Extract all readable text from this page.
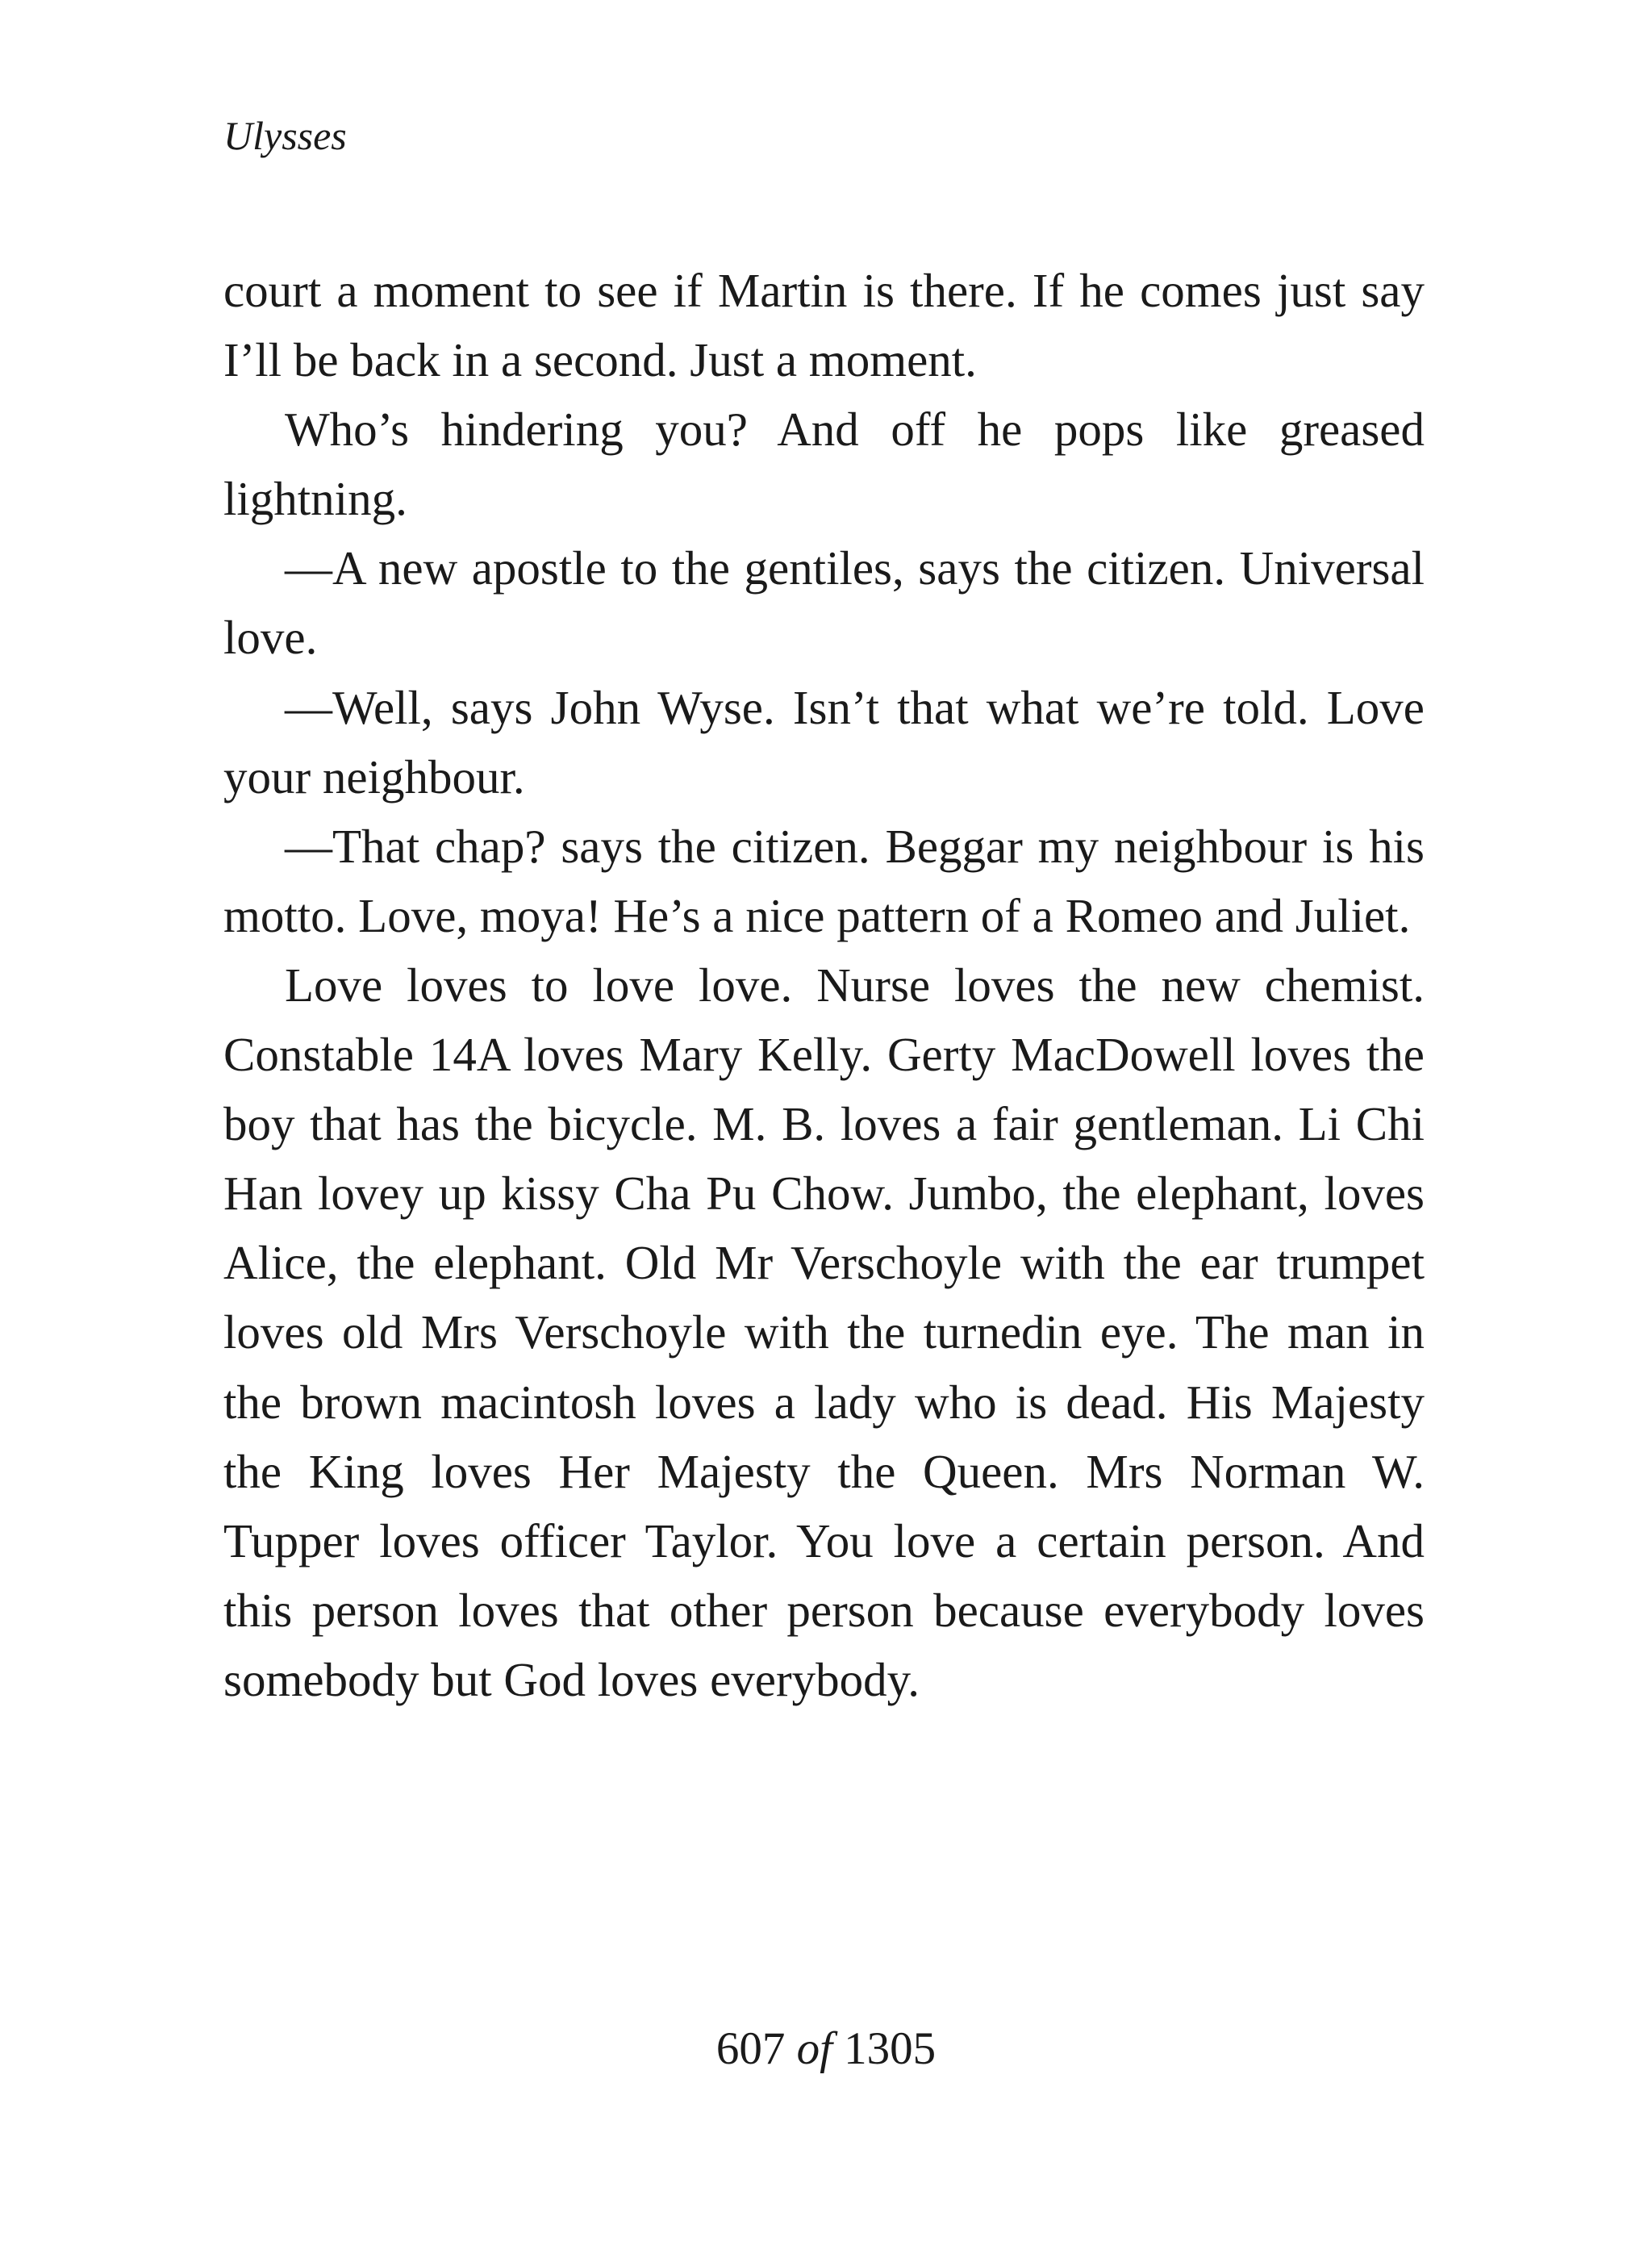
Ulysses

court a moment to see if Martin is there. If he comes just say I’ll be back in a second. Just a moment.

Who’s hindering you? And off he pops like greased lightning.

—A new apostle to the gentiles, says the citizen. Universal love.

—Well, says John Wyse. Isn’t that what we’re told. Love your neighbour.

—That chap? says the citizen. Beggar my neighbour is his motto. Love, moya! He’s a nice pattern of a Romeo and Juliet.

Love loves to love love. Nurse loves the new chemist. Constable 14A loves Mary Kelly. Gerty MacDowell loves the boy that has the bicycle. M. B. loves a fair gentleman. Li Chi Han lovey up kissy Cha Pu Chow. Jumbo, the elephant, loves Alice, the elephant. Old Mr Verschoyle with the ear trumpet loves old Mrs Verschoyle with the turnedin eye. The man in the brown macintosh loves a lady who is dead. His Majesty the King loves Her Majesty the Queen. Mrs Norman W. Tupper loves officer Taylor. You love a certain person. And this person loves that other person because everybody loves somebody but God loves everybody.

607 of 1305
